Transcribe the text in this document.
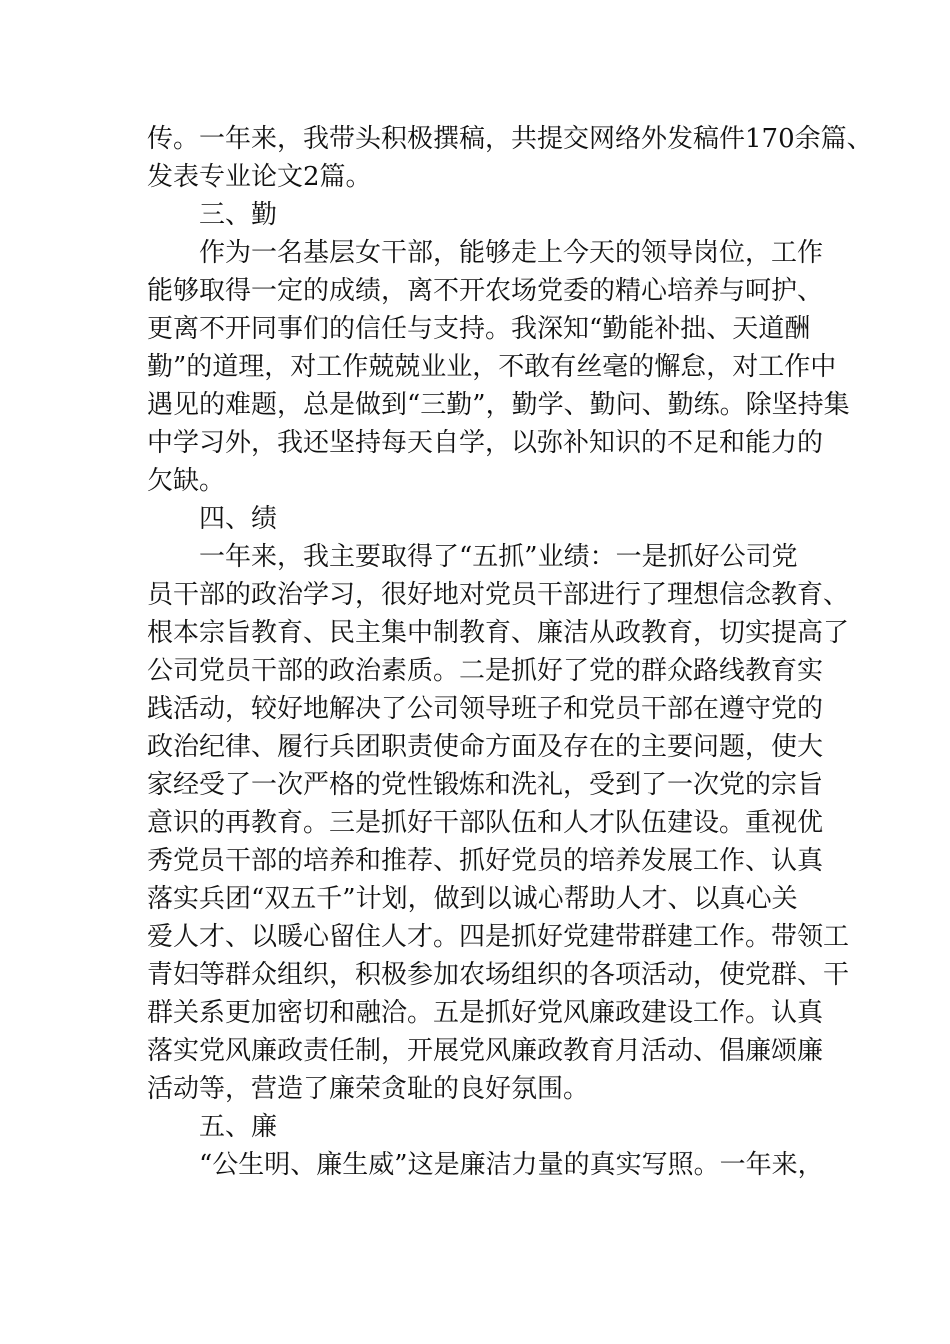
传。一年来，我带头积极撰稿，共提交网络外发稿件170余篇、
发表专业论文2篇。
三、勤
作为一名基层女干部，能够走上今天的领导岗位，工作
能够取得一定的成绩，离不开农场党委的精心培养与呵护、
更离不开同事们的信任与支持。我深知“勤能补拙、天道酬
勤”的道理，对工作兢兢业业，不敢有丝毫的懈怠，对工作中
遇见的难题，总是做到“三勤”，勤学、勤问、勤练。除坚持集
中学习外，我还坚持每天自学，以弥补知识的不足和能力的
欠缺。
四、绩
一年来，我主要取得了“五抓”业绩：一是抓好公司党
员干部的政治学习，很好地对党员干部进行了理想信念教育、
根本宗旨教育、民主集中制教育、廉洁从政教育，切实提高了
公司党员干部的政治素质。二是抓好了党的群众路线教育实
践活动，较好地解决了公司领导班子和党员干部在遵守党的
政治纪律、履行兵团职责使命方面及存在的主要问题，使大
家经受了一次严格的党性锻炼和洗礼，受到了一次党的宗旨
意识的再教育。三是抓好干部队伍和人才队伍建设。重视优
秀党员干部的培养和推荐、抓好党员的培养发展工作、认真
落实兵团“双五千”计划，做到以诚心帮助人才、以真心关
爱人才、以暖心留住人才。四是抓好党建带群建工作。带领工
青妇等群众组织，积极参加农场组织的各项活动，使党群、干
群关系更加密切和融洽。五是抓好党风廉政建设工作。认真
落实党风廉政责任制，开展党风廉政教育月活动、倡廉颂廉
活动等，营造了廉荣贪耻的良好氛围。
五、廉
“公生明、廉生威”这是廉洁力量的真实写照。一年来，
